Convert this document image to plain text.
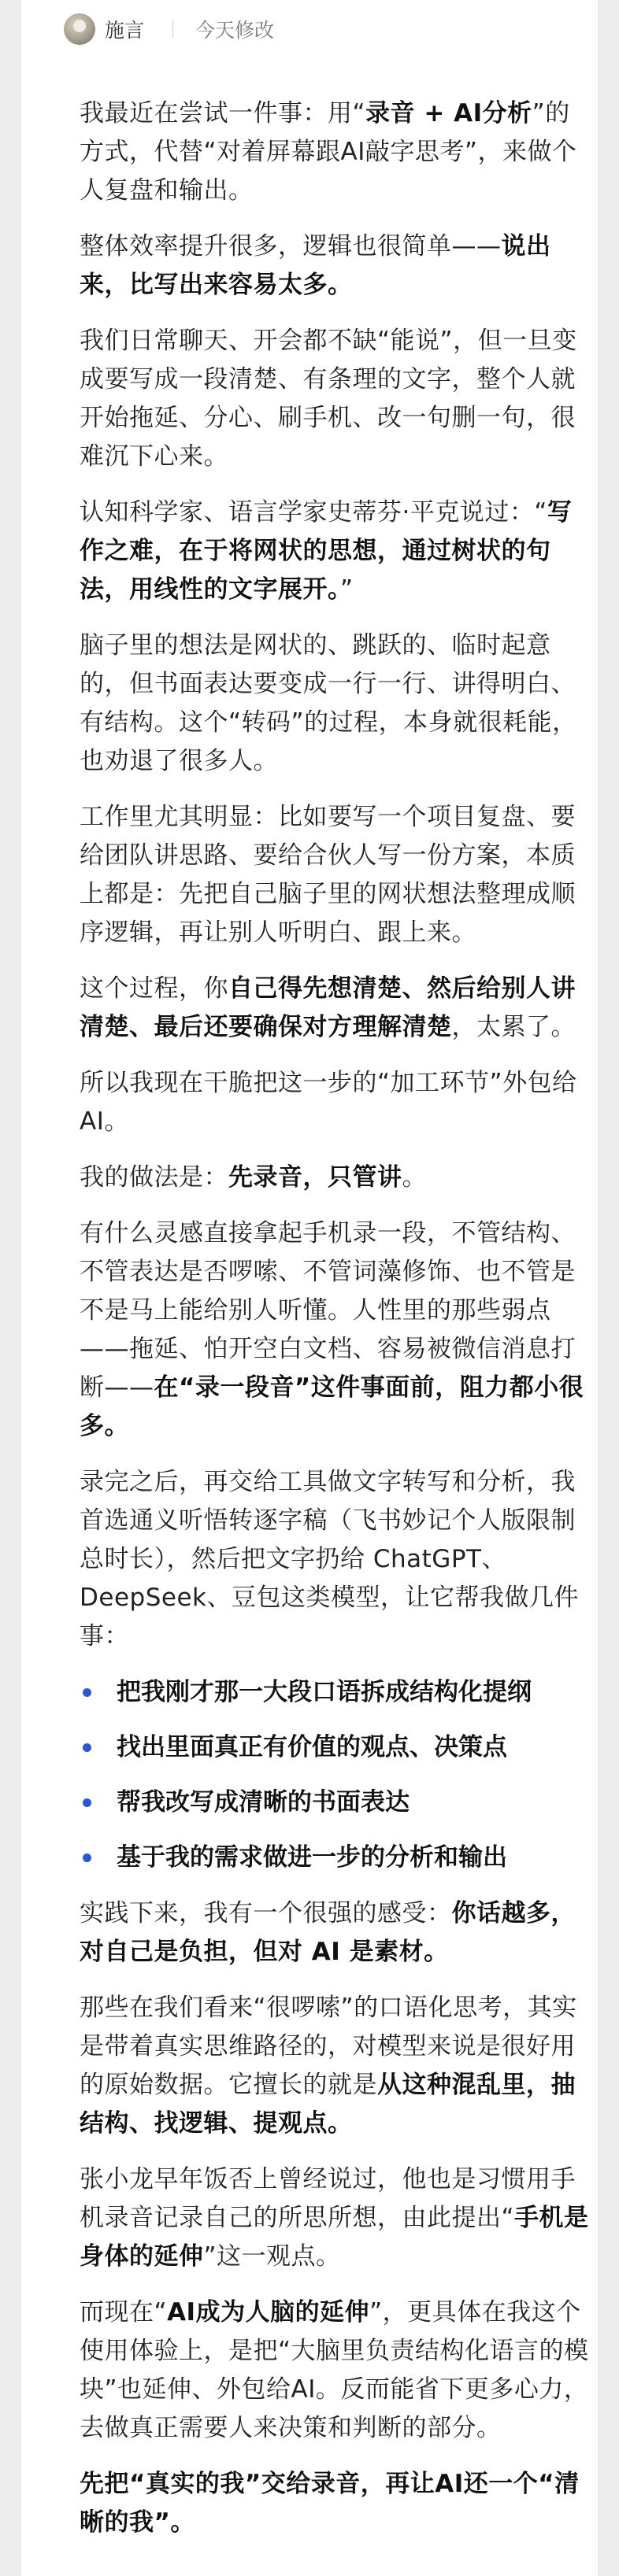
施言	今天修改

我最近在尝试一件事：用“录音 + AI分析”的方式，代替“对着屏幕跟AI敲字思考”，来做个人复盘和输出。

整体效率提升很多，逻辑也很简单——说出来，比写出来容易太多。

我们日常聊天、开会都不缺“能说”，但一旦变成要写成一段清楚、有条理的文字，整个人就开始拖延、分心、刷手机、改一句删一句，很难沉下心来。

认知科学家、语言学家史蒂芬·平克说过：“写作之难，在于将网状的思想，通过树状的句法，用线性的文字展开。”

脑子里的想法是网状的、跳跃的、临时起意的，但书面表达要变成一行一行、讲得明白、有结构。这个“转码”的过程，本身就很耗能，也劝退了很多人。

工作里尤其明显：比如要写一个项目复盘、要给团队讲思路、要给合伙人写一份方案，本质上都是：先把自己脑子里的网状想法整理成顺序逻辑，再让别人听明白、跟上来。

这个过程，你自己得先想清楚、然后给别人讲清楚、最后还要确保对方理解清楚，太累了。

所以我现在干脆把这一步的“加工环节”外包给AI。

我的做法是：先录音，只管讲。

有什么灵感直接拿起手机录一段，不管结构、不管表达是否啰嗦、不管词藻修饰、也不管是不是马上能给别人听懂。人性里的那些弱点——拖延、怕开空白文档、容易被微信消息打断——在“录一段音”这件事面前，阻力都小很多。

录完之后，再交给工具做文字转写和分析，我首选通义听悟转逐字稿（飞书妙记个人版限制总时长），然后把文字扔给 ChatGPT、DeepSeek、豆包这类模型，让它帮我做几件事：

把我刚才那一大段口语拆成结构化提纲
找出里面真正有价值的观点、决策点
帮我改写成清晰的书面表达
基于我的需求做进一步的分析和输出

实践下来，我有一个很强的感受：你话越多，对自己是负担，但对 AI 是素材。

那些在我们看来“很啰嗦”的口语化思考，其实是带着真实思维路径的，对模型来说是很好用的原始数据。它擅长的就是从这种混乱里，抽结构、找逻辑、提观点。

张小龙早年饭否上曾经说过，他也是习惯用手机录音记录自己的所思所想，由此提出“手机是身体的延伸”这一观点。

而现在“AI成为人脑的延伸”，更具体在我这个使用体验上，是把“大脑里负责结构化语言的模块”也延伸、外包给AI。反而能省下更多心力，去做真正需要人来决策和判断的部分。

先把“真实的我”交给录音，再让AI还一个“清晰的我”。
